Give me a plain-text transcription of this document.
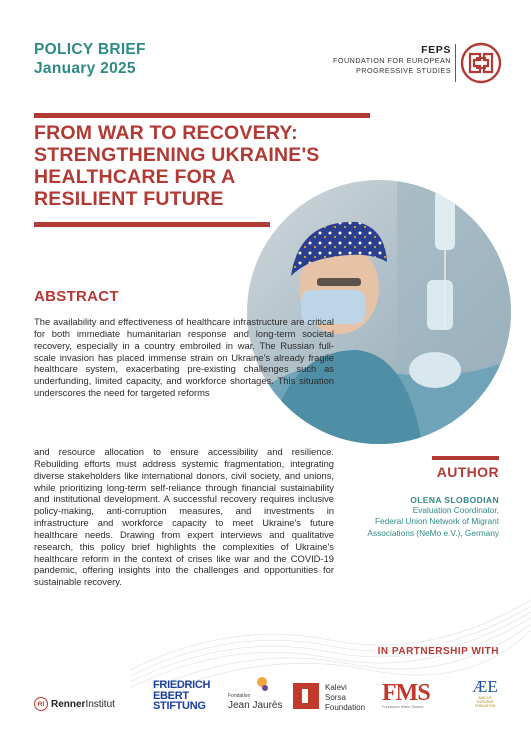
POLICY BRIEF
January 2025
FEPS
FOUNDATION FOR EUROPEAN
PROGRESSIVE STUDIES
FROM WAR TO RECOVERY:
STRENGTHENING UKRAINE'S
HEALTHCARE FOR A
RESILIENT FUTURE
ABSTRACT

The availability and effectiveness of healthcare infrastructure are critical for both immediate humanitarian response and long-term societal recovery, especially in a country embroiled in war. The Russian full-scale invasion has placed immense strain on Ukraine's already fragile healthcare system, exacerbating pre-existing challenges such as underfunding, limited capacity, and workforce shortages. This situation underscores the need for targeted reforms

and resource allocation to ensure accessibility and resilience. Rebuilding efforts must address systemic fragmentation, integrating diverse stakeholders like international donors, civil society, and unions, while prioritizing long-term self-reliance through financial sustainability and institutional development. A successful recovery requires inclusive policy-making, anti-corruption measures, and investments in infrastructure and workforce capacity to meet Ukraine's future healthcare needs. Drawing from expert interviews and qualitative research, this policy brief highlights the complexities of Ukraine's healthcare reform in the context of crises like war and the COVID-19 pandemic, offering insights into the challenges and opportunities for sustainable recovery.

AUTHOR
OLENA SLOBODIAN
Evaluation Coordinator,
Federal Union Network of Migrant
Associations (NeMo e.V.), Germany
IN PARTNERSHIP WITH
RI RennerInstitut
FRIEDRICH
EBERT
STIFTUNG
Fondation
Jean Jaurès
Kalevi
Sorsa
Foundation
FMS
Fundación Mario Soares
ÆE
AMICUS EUROPAE
FONDATION
